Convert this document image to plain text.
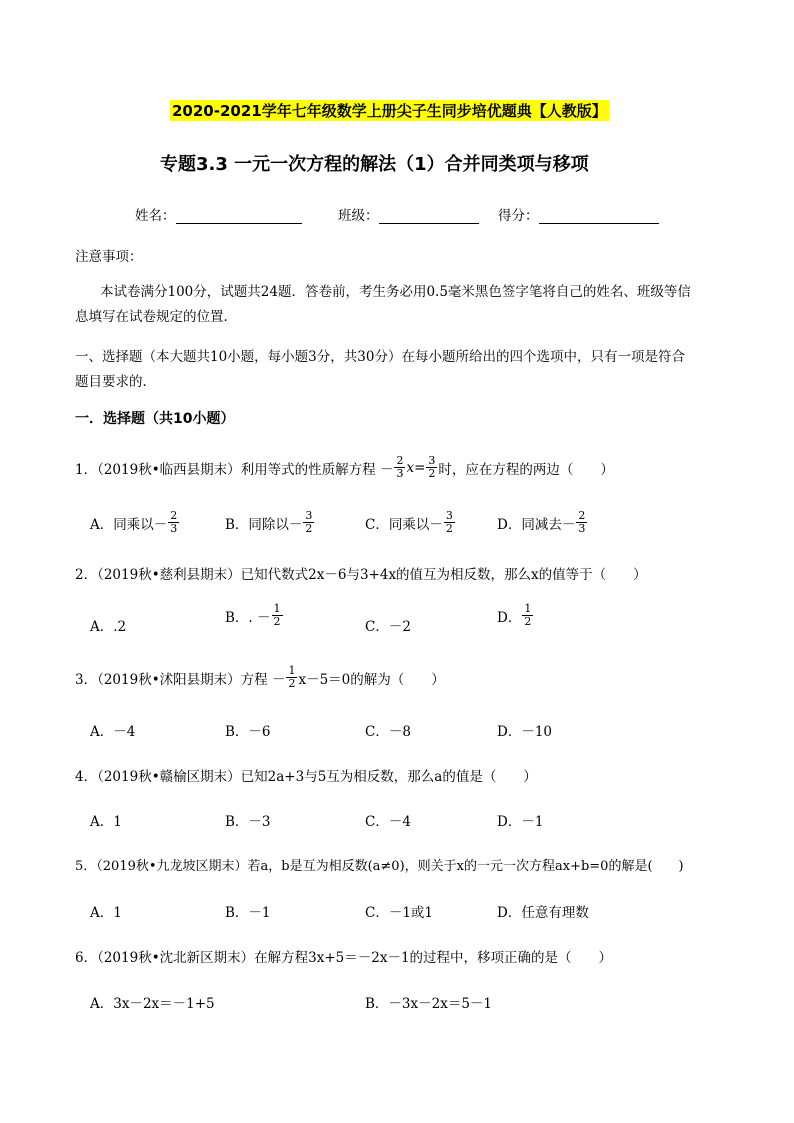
2020-2021学年七年级数学上册尖子生同步培优题典【人教版】
专题3.3 一元一次方程的解法（1）合并同类项与移项
姓名：	班级：	得分：
注意事项：
本试卷满分100分，试题共24题．答卷前，考生务必用0.5毫米黑色签字笔将自己的姓名、班级等信
息填写在试卷规定的位置．
一、选择题（本大题共10小题，每小题3分，共30分）在每小题所给出的四个选项中，只有一项是符合
题目要求的．
一．选择题（共10小题）
1．（2019秋•临西县期末）利用等式的性质解方程 － $\frac{2}{3}$ $x = \frac{3}{2}$ 时，应在方程的两边（　　）
A．同乘以－ $\frac{2}{3}$	B．同除以－ $\frac{3}{2}$	C．同乘以－ $\frac{3}{2}$	D．同减去－ $\frac{2}{3}$
2．（2019秋•慈利县期末）已知代数式2x－6与3+4x的值互为相反数，那么x的值等于（　　）
A．.2
B．. － $\frac{1}{2}$	C．－2
D． $\frac{1}{2}$
3．（2019秋•沭阳县期末）方程 － $\frac{1}{2} x-5=0$的解为（　　）
A．－4	B．－6	C．－8	D．－10
4．（2019秋•赣榆区期末）已知2a+3与5互为相反数，那么a的值是（　　）
A．1	B．－3	C．－4	D．－1
5．（2019秋•九龙坡区期末）若a，b是互为相反数(a≠0)，则关于x的一元一次方程ax+b=0的解是(　　)
A．1	B．－1	C．－1或1	D．任意有理数
6．（2019秋•沈北新区期末）在解方程3x+5＝－2x－1的过程中，移项正确的是（　　）
A．3x－2x＝－1+5	B．－3x－2x＝5－1
